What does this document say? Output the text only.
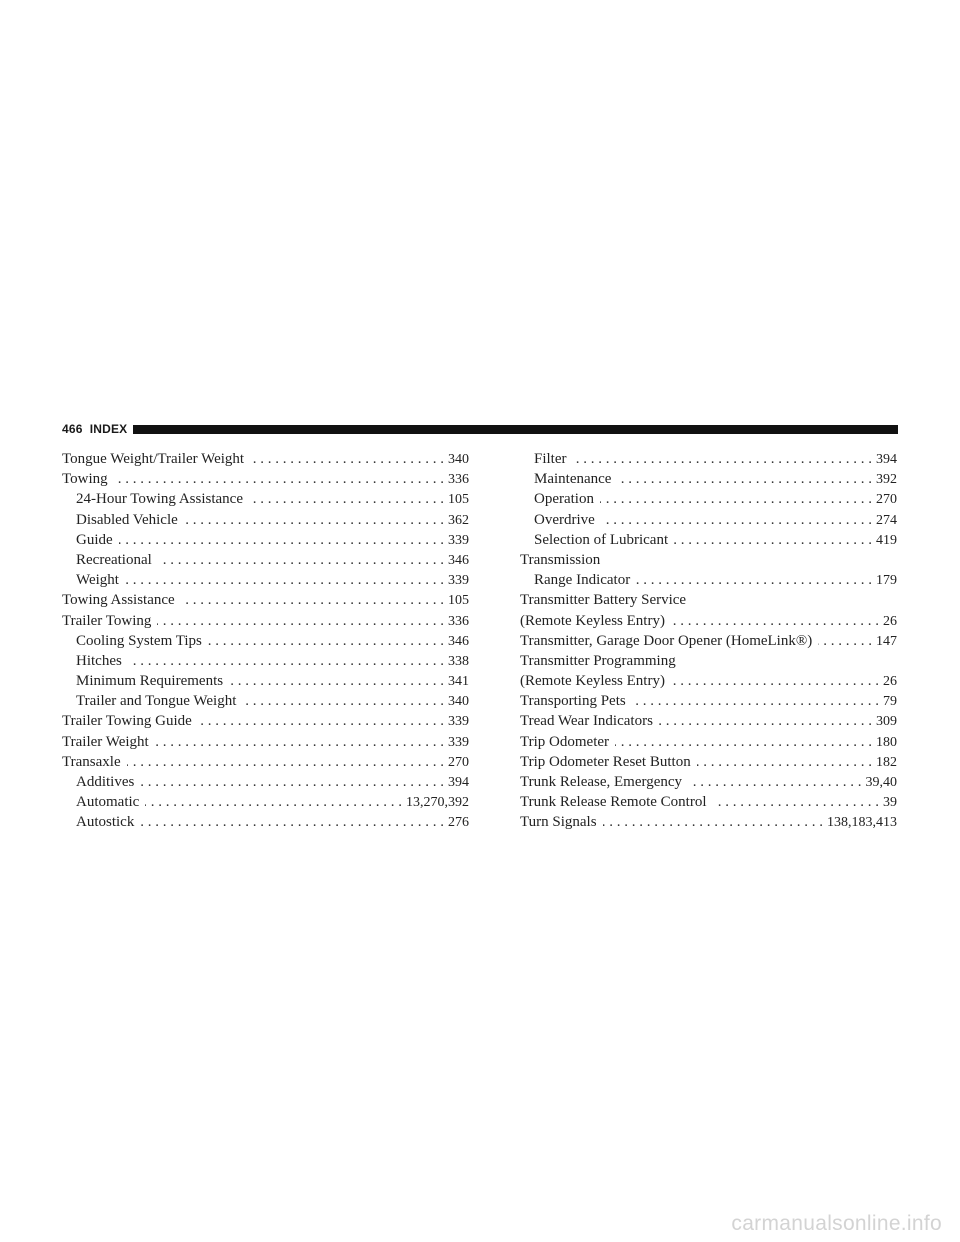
466
INDEX
Tongue Weight/Trailer Weight . . .	340
Towing . . .	336
24-Hour Towing Assistance . . .	105
Disabled Vehicle . . .	362
Guide . . .	339
Recreational . . .	346
Weight . . .	339
Towing Assistance . . .	105
Trailer Towing . . .	336
Cooling System Tips . . .	346
Hitches . . .	338
Minimum Requirements . . .	341
Trailer and Tongue Weight . . .	340
Trailer Towing Guide . . .	339
Trailer Weight . . .	339
Transaxle . . .	270
Additives . . .	394
Automatic . . .	13,270,392
Autostick . . .	276
Filter . . .	394
Maintenance . . .	392
Operation . . .	270
Overdrive . . .	274
Selection of Lubricant . . .	419
Transmission
Range Indicator . . .	179
Transmitter Battery Service
(Remote Keyless Entry) . . .	26
Transmitter, Garage Door Opener (HomeLink®) . . .	147
Transmitter Programming
(Remote Keyless Entry) . . .	26
Transporting Pets . . .	79
Tread Wear Indicators . . .	309
Trip Odometer . . .	180
Trip Odometer Reset Button . . .	182
Trunk Release, Emergency . . .	39,40
Trunk Release Remote Control . . .	39
Turn Signals . . .	138,183,413
carmanualsonline.info
